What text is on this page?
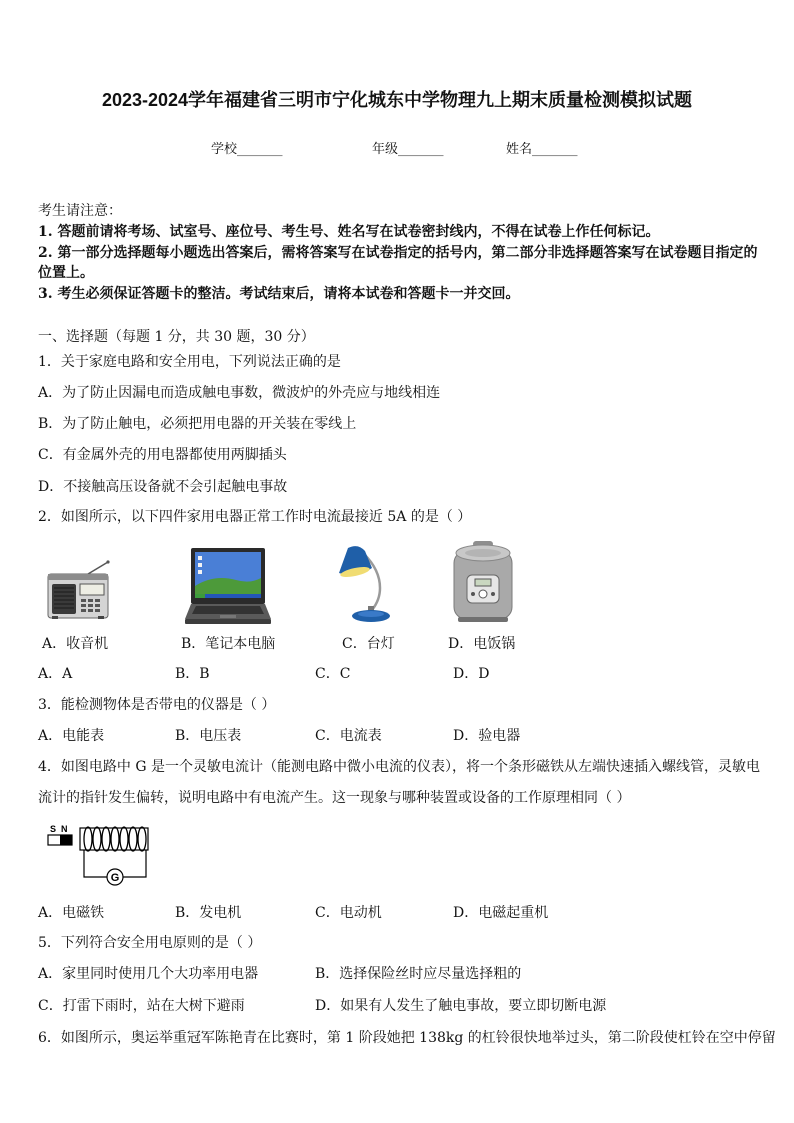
2023-2024学年福建省三明市宁化城东中学物理九上期末质量检测模拟试题
学校_______	年级_______	姓名_______
考生请注意：
1. 答题前请将考场、试室号、座位号、考生号、姓名写在试卷密封线内，不得在试卷上作任何标记。
2. 第一部分选择题每小题选出答案后，需将答案写在试卷指定的括号内，第二部分非选择题答案写在试卷题目指定的
位置上。
3. 考生必须保证答题卡的整洁。考试结束后，请将本试卷和答题卡一并交回。
一、选择题（每题 1 分，共 30 题，30 分）
1．关于家庭电路和安全用电，下列说法正确的是
A．为了防止因漏电而造成触电事数，微波炉的外壳应与地线相连
B．为了防止触电，必须把用电器的开关装在零线上
C．有金属外壳的用电器都使用两脚插头
D．不接触高压设备就不会引起触电事故
2．如图所示，以下四件家用电器正常工作时电流最接近 5A 的是（ ）
A．收音机	B．笔记本电脑	C．台灯	D．电饭锅
A．A	B．B	C．C	D．D
3．能检测物体是否带电的仪器是（ ）
A．电能表	B．电压表	C．电流表	D．验电器
4．如图电路中 G 是一个灵敏电流计（能测电路中微小电流的仪表），将一个条形磁铁从左端快速插入螺线管，灵敏电
流计的指针发生偏转，说明电路中有电流产生。这一现象与哪种装置或设备的工作原理相同（ ）
S N
G
A．电磁铁	B．发电机	C．电动机	D．电磁起重机
5．下列符合安全用电原则的是（ ）
A．家里同时使用几个大功率用电器	B．选择保险丝时应尽量选择粗的
C．打雷下雨时，站在大树下避雨	D．如果有人发生了触电事故，要立即切断电源
6．如图所示，奥运举重冠军陈艳青在比赛时，第 1 阶段她把 138kg 的杠铃很快地举过头，第二阶段使杠铃在空中停留
